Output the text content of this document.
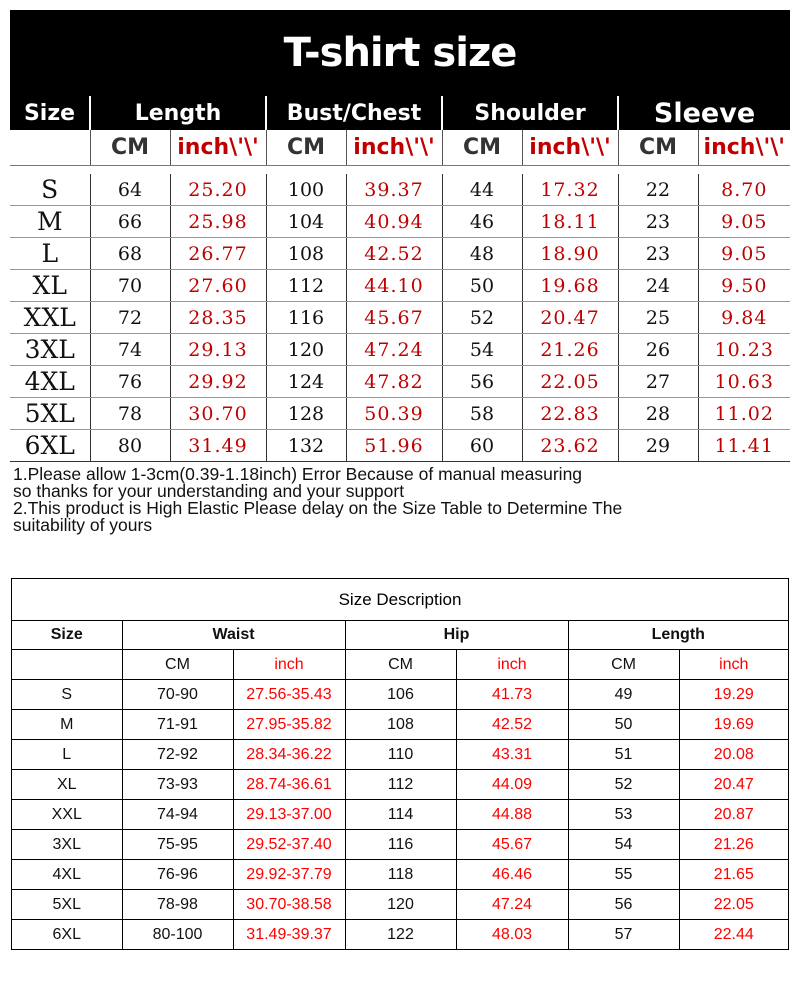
T-shirt size
Size	Length		Bust/Chest		Shoulder		Sleeve	
	CM	inch\'\'	CM	inch\'\'	CM	inch\'\'	CM	inch\'\'

S	64	25.20	100	39.37	44	17.32	22	8.70
M	66	25.98	104	40.94	46	18.11	23	9.05
L	68	26.77	108	42.52	48	18.90	23	9.05
XL	70	27.60	112	44.10	50	19.68	24	9.50
XXL	72	28.35	116	45.67	52	20.47	25	9.84
3XL	74	29.13	120	47.24	54	21.26	26	10.23
4XL	76	29.92	124	47.82	56	22.05	27	10.63
5XL	78	30.70	128	50.39	58	22.83	28	11.02
6XL	80	31.49	132	51.96	60	23.62	29	11.41
1.Please allow 1-3cm(0.39-1.18inch) Error Because of manual measuring
so thanks for your understanding and your support
2.This product is High Elastic Please delay on the Size Table to Determine The
suitability of yours
Size Description
Size	Waist		Hip		Length	
	CM	inch	CM	inch	CM	inch
S	70-90	27.56-35.43	106	41.73	49	19.29
M	71-91	27.95-35.82	108	42.52	50	19.69
L	72-92	28.34-36.22	110	43.31	51	20.08
XL	73-93	28.74-36.61	112	44.09	52	20.47
XXL	74-94	29.13-37.00	114	44.88	53	20.87
3XL	75-95	29.52-37.40	116	45.67	54	21.26
4XL	76-96	29.92-37.79	118	46.46	55	21.65
5XL	78-98	30.70-38.58	120	47.24	56	22.05
6XL	80-100	31.49-39.37	122	48.03	57	22.44
